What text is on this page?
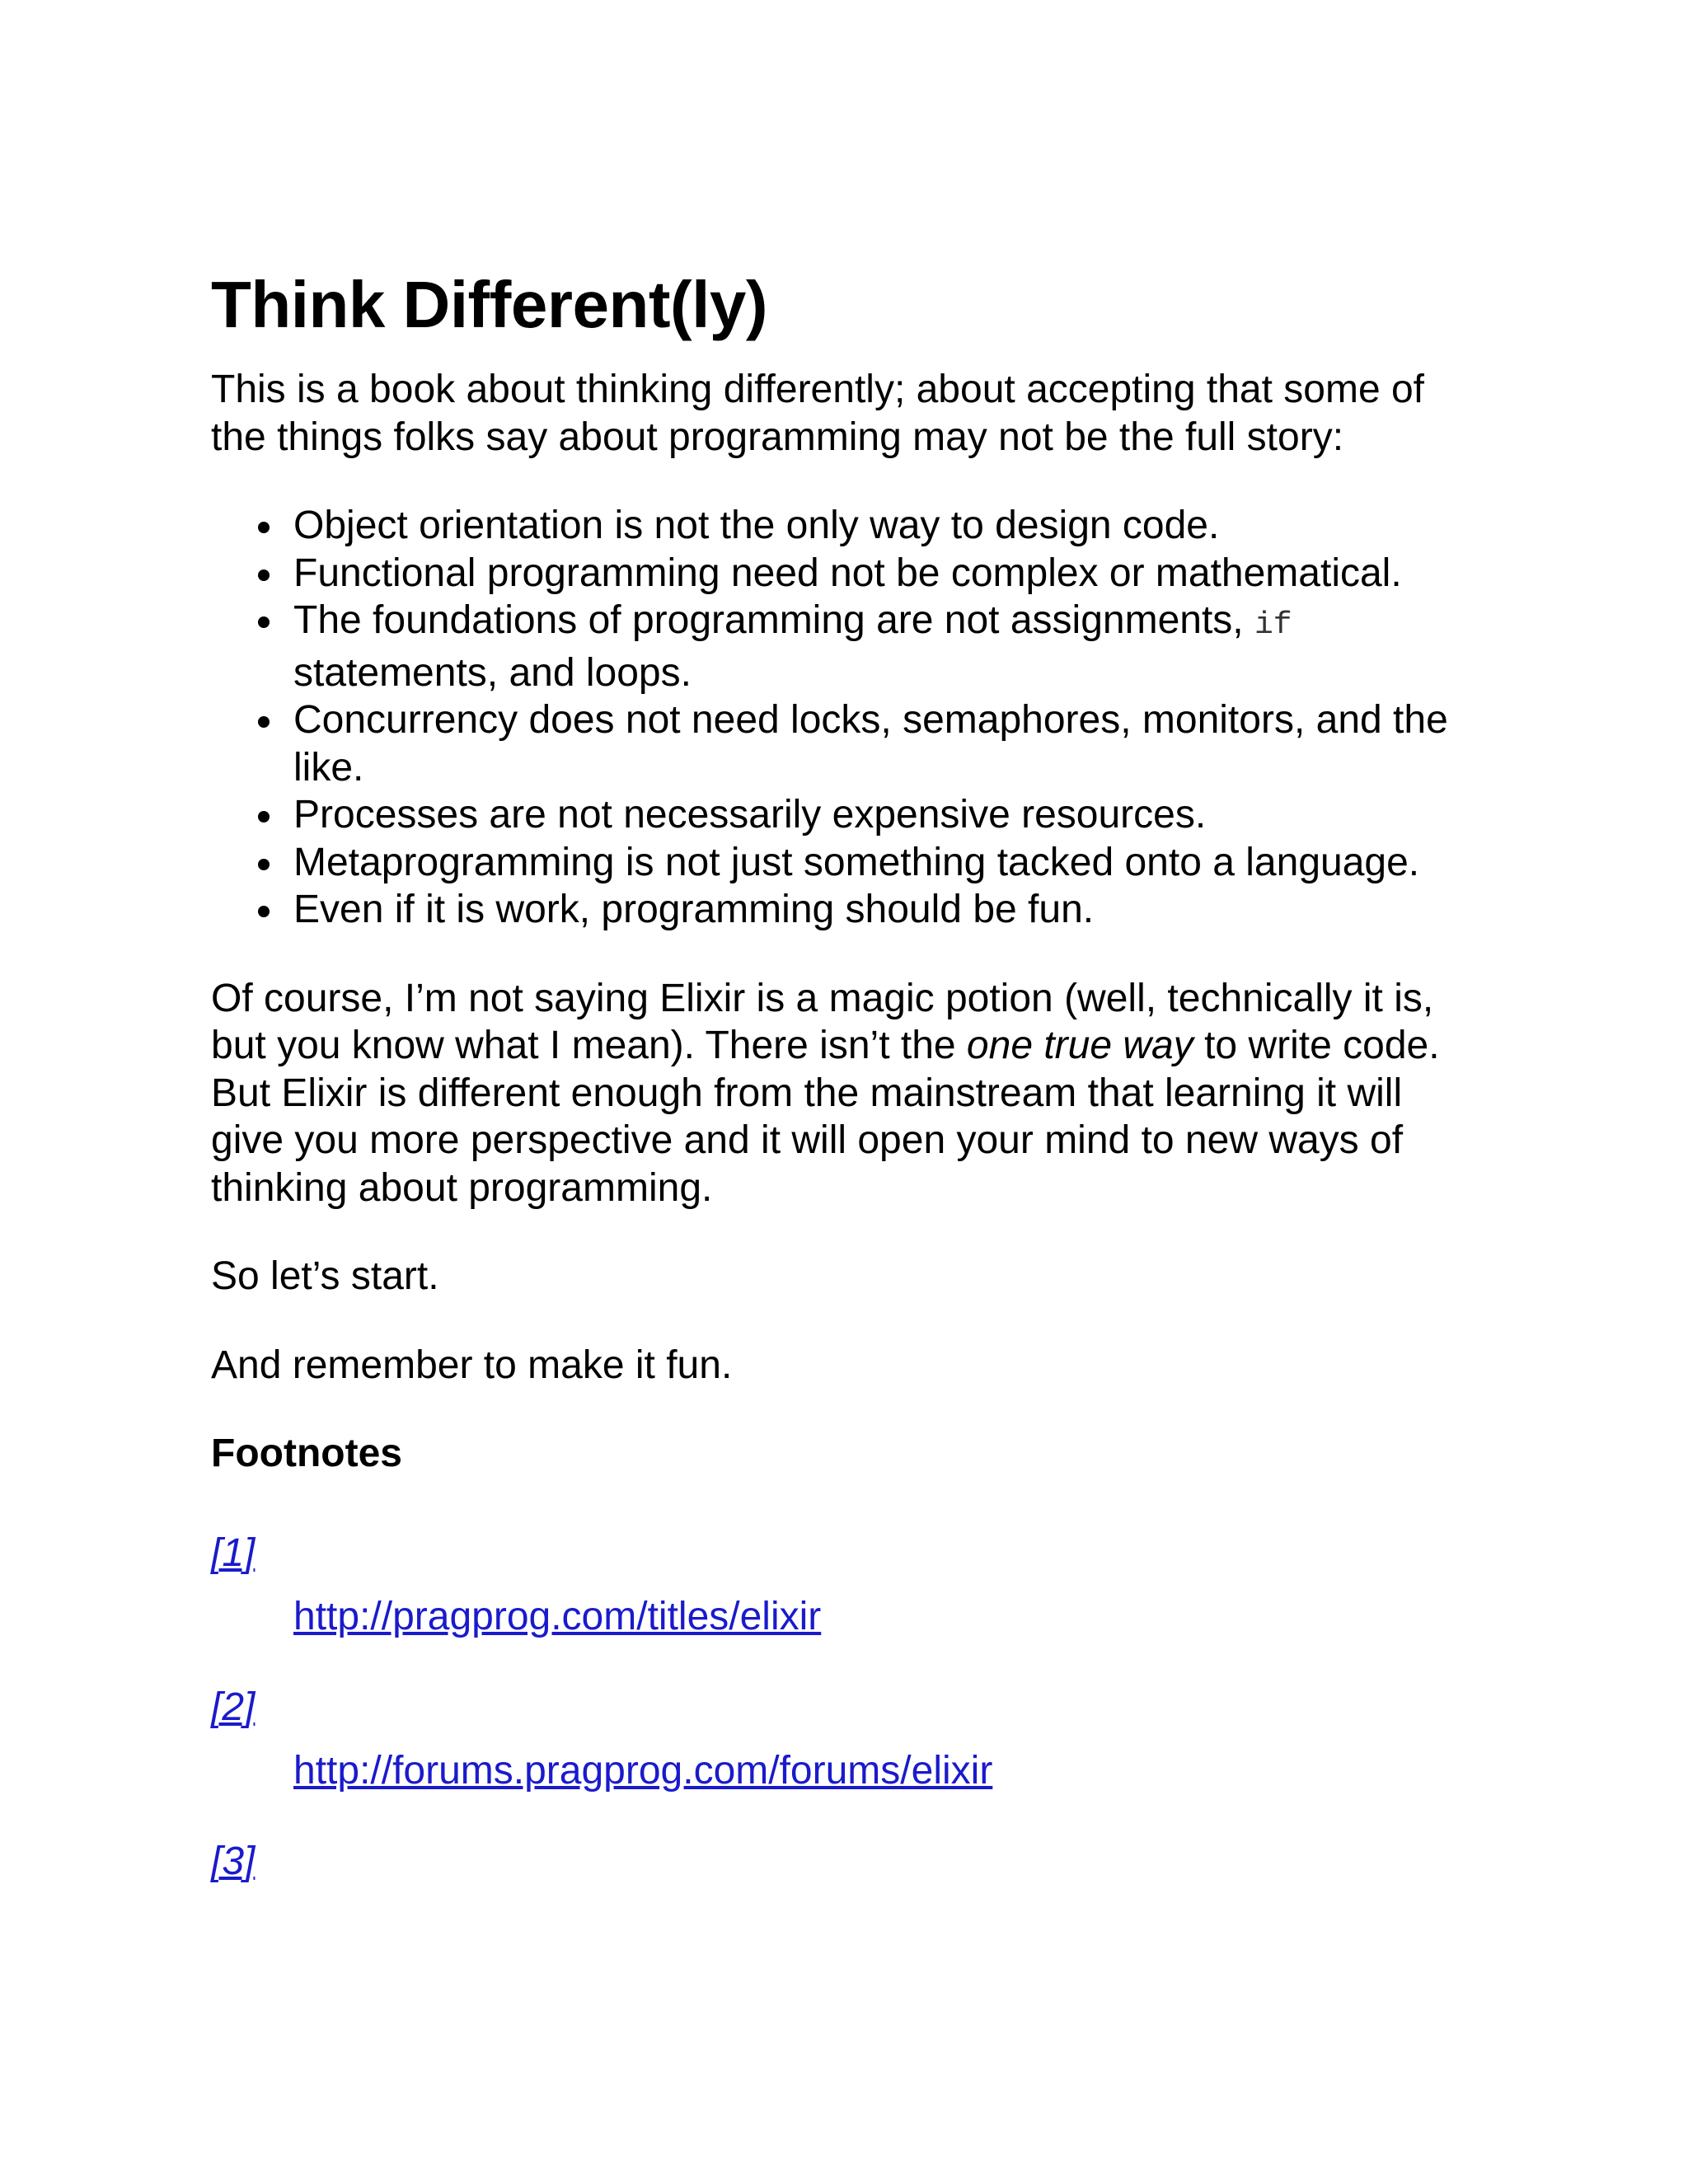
Think Different(ly)

This is a book about thinking differently; about accepting that some of the things folks say about programming may not be the full story:

Object orientation is not the only way to design code.
Functional programming need not be complex or mathematical.
The foundations of programming are not assignments, if statements, and loops.
Concurrency does not need locks, semaphores, monitors, and the like.
Processes are not necessarily expensive resources.
Metaprogramming is not just something tacked onto a language.
Even if it is work, programming should be fun.

Of course, I’m not saying Elixir is a magic potion (well, technically it is, but you know what I mean). There isn’t the one true way to write code. But Elixir is different enough from the mainstream that learning it will give you more perspective and it will open your mind to new ways of thinking about programming.

So let’s start.

And remember to make it fun.

Footnotes
[1]
http://pragprog.com/titles/elixir
[2]
http://forums.pragprog.com/forums/elixir
[3]
